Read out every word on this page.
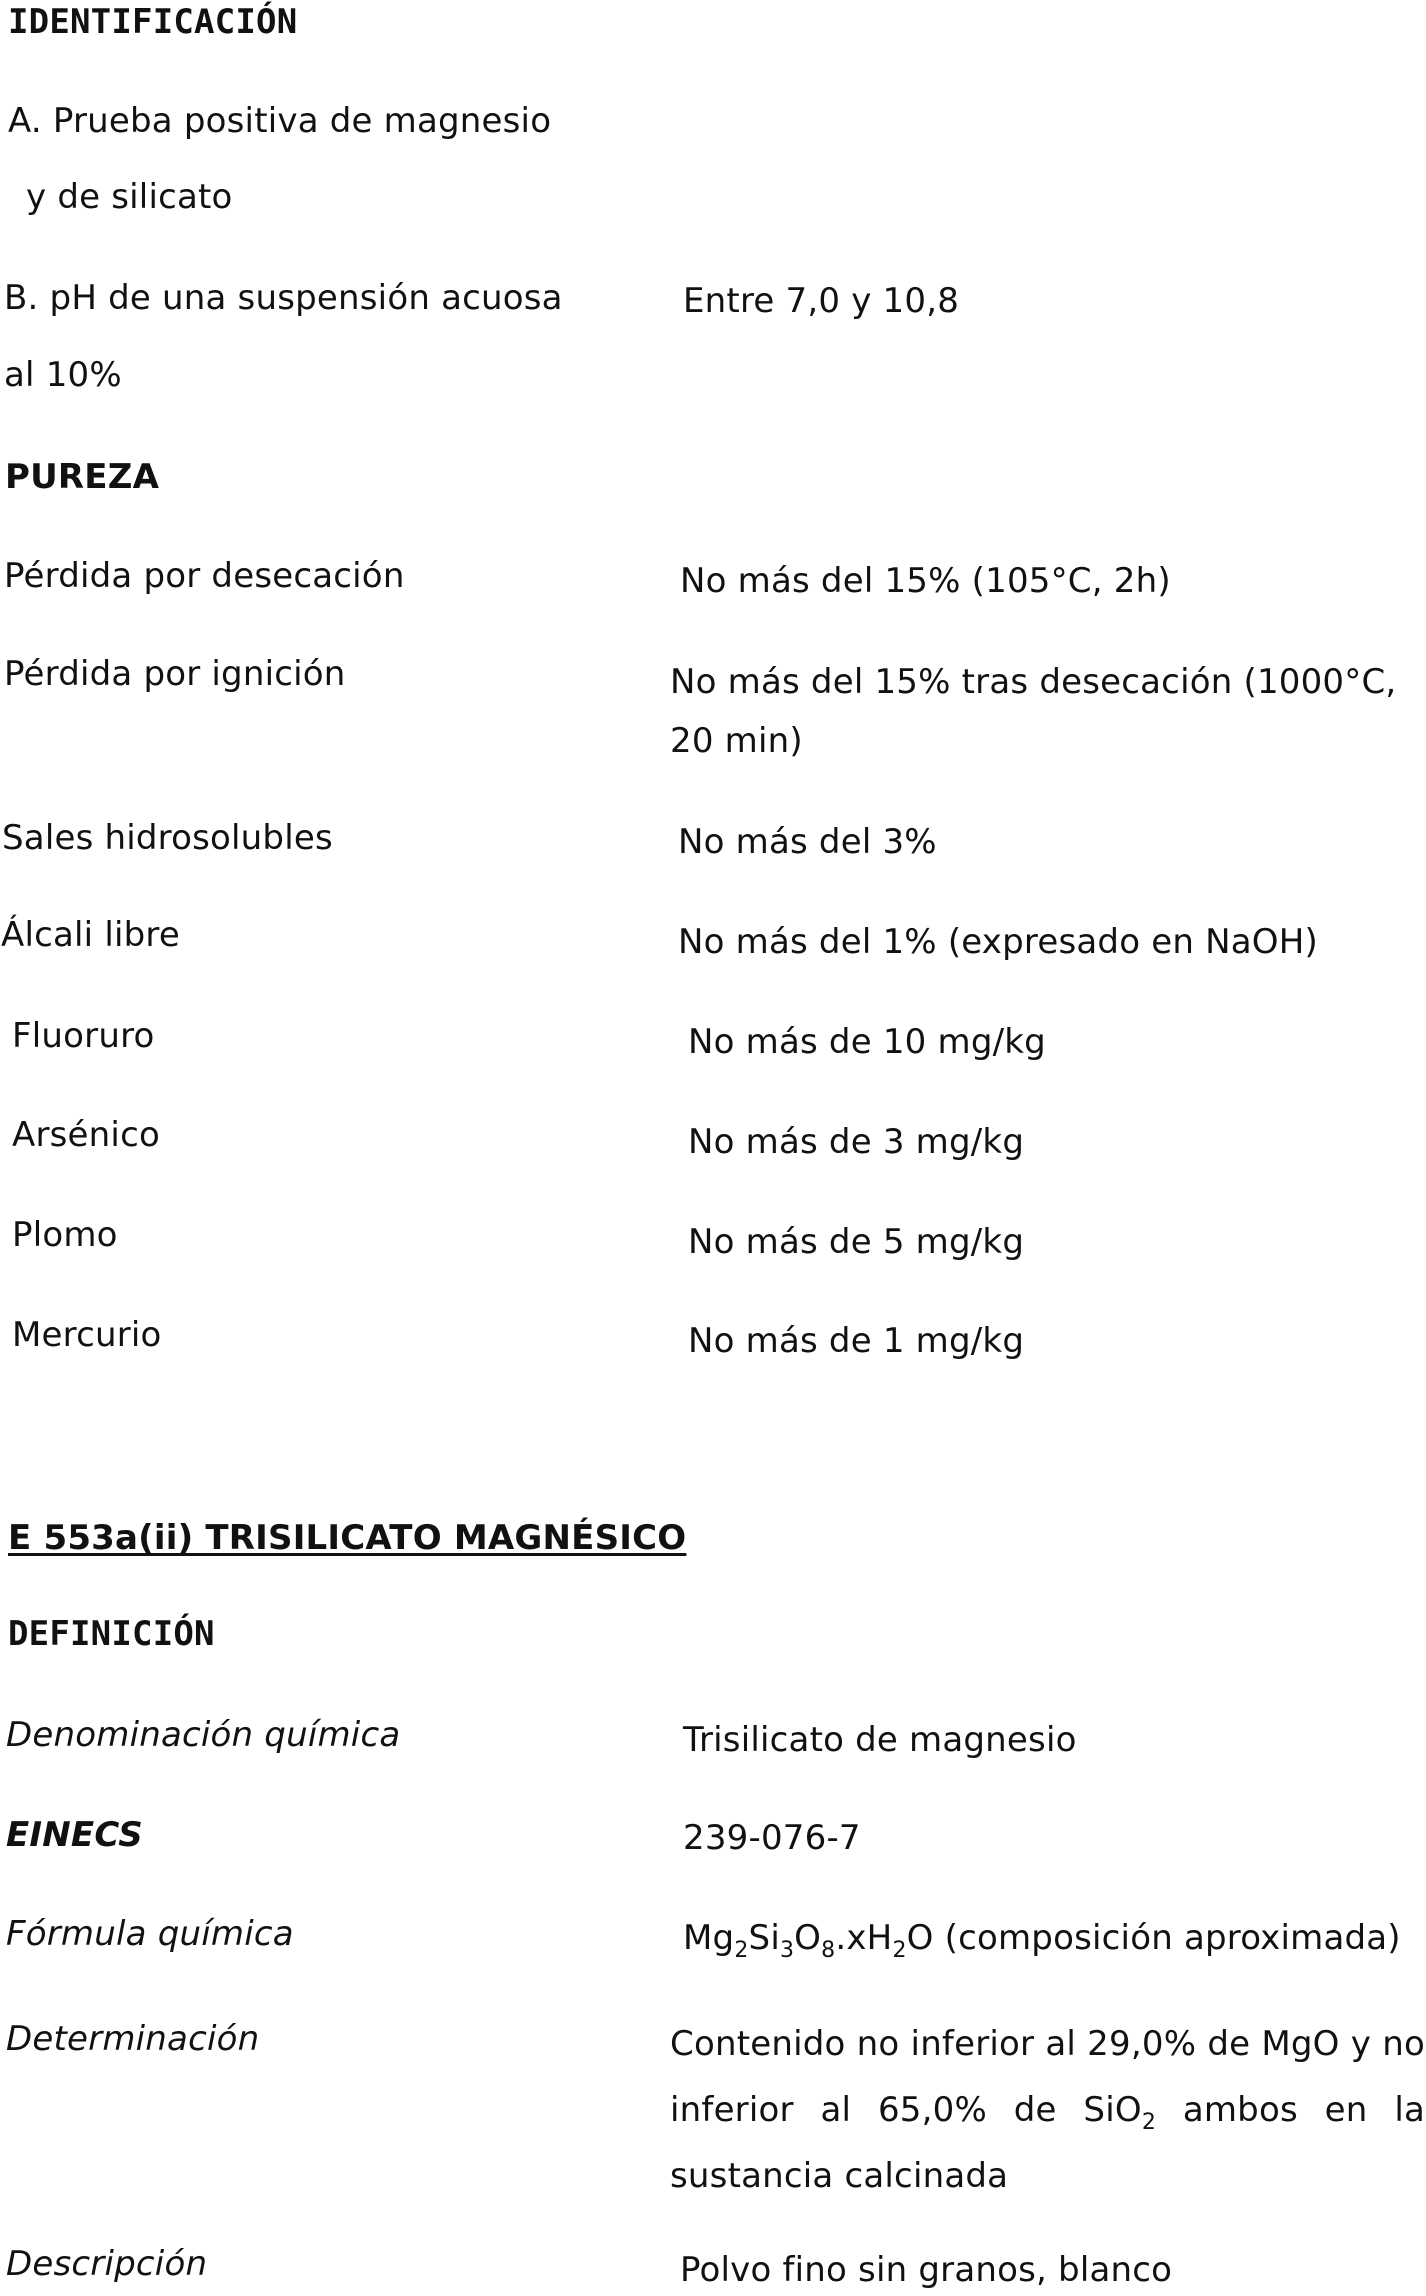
IDENTIFICACIÓN
A. Prueba positiva de magnesio
y de silicato
B. pH de una suspensión acuosa	Entre 7,0 y 10,8
al 10%
PUREZA
Pérdida por desecación	No más del 15% (105°C, 2h)
Pérdida por ignición	No más del 15% tras desecación (1000°C,
20 min)
Sales hidrosolubles	No más del 3%
Álcali libre	No más del 1% (expresado en NaOH)
Fluoruro	No más de 10 mg/kg
Arsénico	No más de 3 mg/kg
Plomo	No más de 5 mg/kg
Mercurio	No más de 1 mg/kg
E 553a(ii) TRISILICATO MAGNÉSICO
DEFINICIÓN
Denominación química	Trisilicato de magnesio
EINECS	239-076-7
Fórmula química	$Mg_2Si_3O_8.xH_2O$ (composición aproximada)
Determinación	Contenido no inferior al 29,0% de MgO y no inferior al 65,0% de SiO$_2$ ambos en la sustancia calcinada
Descripción	Polvo fino sin granos, blanco
